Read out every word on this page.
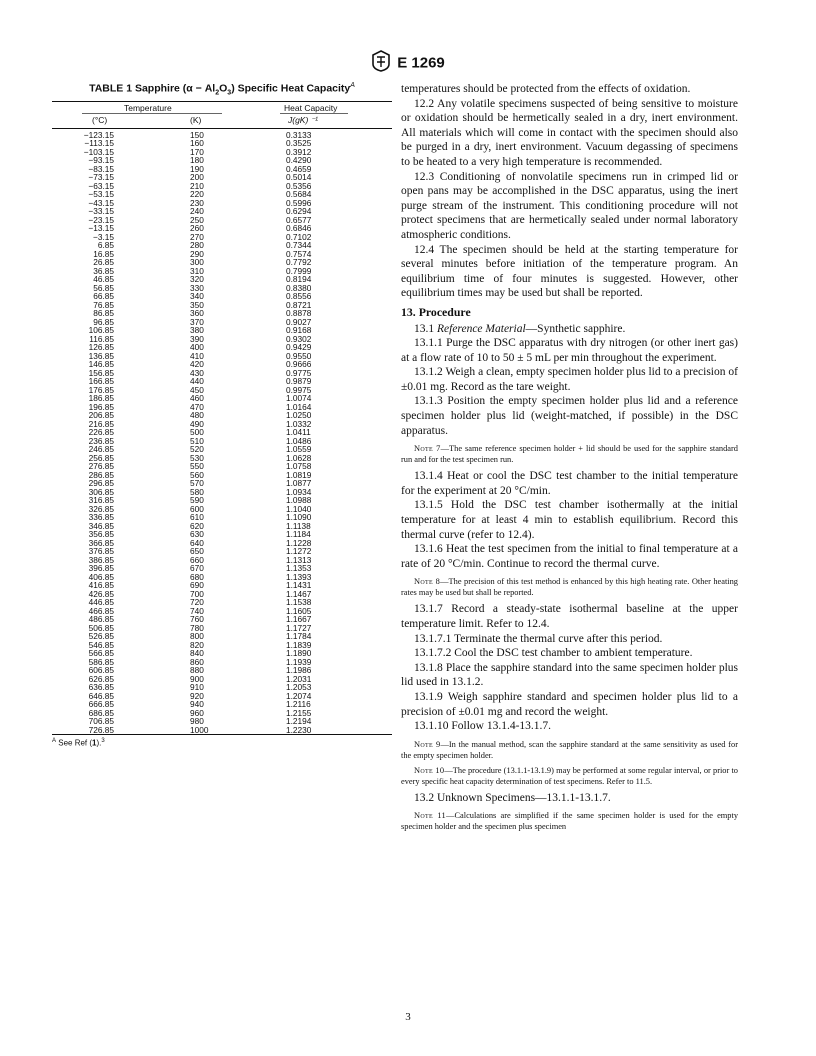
E 1269
TABLE 1 Sapphire $(\alpha - Al_2O_3)$ Specific Heat Capacity$^A$
Temperature
(°C)	(K)
Heat Capacity
J(gK) ⁻¹
−123.15	150	0.3133
−113.15	160	0.3525
−103.15	170	0.3912
−93.15	180	0.4290
−83.15	190	0.4659
−73.15	200	0.5014
−63.15	210	0.5356
−53.15	220	0.5684
−43.15	230	0.5996
−33.15	240	0.6294
−23.15	250	0.6577
−13.15	260	0.6846
−3.15	270	0.7102
6.85	280	0.7344
16.85	290	0.7574
26.85	300	0.7792
36.85	310	0.7999
46.85	320	0.8194
56.85	330	0.8380
66.85	340	0.8556
76.85	350	0.8721
86.85	360	0.8878
96.85	370	0.9027
106.85	380	0.9168
116.85	390	0.9302
126.85	400	0.9429
136.85	410	0.9550
146.85	420	0.9666
156.85	430	0.9775
166.85	440	0.9879
176.85	450	0.9975
186.85	460	1.0074
196.85	470	1.0164
206.85	480	1.0250
216.85	490	1.0332
226.85	500	1.0411
236.85	510	1.0486
246.85	520	1.0559
256.85	530	1.0628
276.85	550	1.0758
286.85	560	1.0819
296.85	570	1.0877
306.85	580	1.0934
316.85	590	1.0988
326.85	600	1.1040
336.85	610	1.1090
346.85	620	1.1138
356.85	630	1.1184
366.85	640	1.1228
376.85	650	1.1272
386.85	660	1.1313
396.85	670	1.1353
406.85	680	1.1393
416.85	690	1.1431
426.85	700	1.1467
446.85	720	1.1538
466.85	740	1.1605
486.85	760	1.1667
506.85	780	1.1727
526.85	800	1.1784
546.85	820	1.1839
566.85	840	1.1890
586.85	860	1.1939
606.85	880	1.1986
626.85	900	1.2031
636.85	910	1.2053
646.85	920	1.2074
666.85	940	1.2116
686.85	960	1.2155
706.85	980	1.2194
726.85	1000	1.2230
$^A$ See Ref (1).$^3$

temperatures should be protected from the effects of oxidation.

12.2 Any volatile specimens suspected of being sensitive to moisture or oxidation should be hermetically sealed in a dry, inert environment. All materials which will come in contact with the specimen should also be purged in a dry, inert environment. Vacuum degassing of specimens to be heated to a very high temperature is recommended.

12.3 Conditioning of nonvolatile specimens run in crimped lid or open pans may be accomplished in the DSC apparatus, using the inert purge stream of the instrument. This conditioning procedure will not protect specimens that are hermetically sealed under normal laboratory atmospheric conditions.

12.4 The specimen should be held at the starting temperature for several minutes before initiation of the temperature program. An equilibrium time of four minutes is suggested. However, other equilibrium times may be used but shall be reported.

13. Procedure

13.1 Reference Material—Synthetic sapphire.

13.1.1 Purge the DSC apparatus with dry nitrogen (or other inert gas) at a flow rate of 10 to 50 ± 5 mL per min throughout the experiment.

13.1.2 Weigh a clean, empty specimen holder plus lid to a precision of ±0.01 mg. Record as the tare weight.

13.1.3 Position the empty specimen holder plus lid and a reference specimen holder plus lid (weight-matched, if possible) in the DSC apparatus.

Note 7—The same reference specimen holder + lid should be used for the sapphire standard run and for the test specimen run.

13.1.4 Heat or cool the DSC test chamber to the initial temperature for the experiment at 20 °C/min.

13.1.5 Hold the DSC test chamber isothermally at the initial temperature for at least 4 min to establish equilibrium. Record this thermal curve (refer to 12.4).

13.1.6 Heat the test specimen from the initial to final temperature at a rate of 20 °C/min. Continue to record the thermal curve.

Note 8—The precision of this test method is enhanced by this high heating rate. Other heating rates may be used but shall be reported.

13.1.7 Record a steady-state isothermal baseline at the upper temperature limit. Refer to 12.4.

13.1.7.1 Terminate the thermal curve after this period.

13.1.7.2 Cool the DSC test chamber to ambient temperature.

13.1.8 Place the sapphire standard into the same specimen holder plus lid used in 13.1.2.

13.1.9 Weigh sapphire standard and specimen holder plus lid to a precision of ±0.01 mg and record the weight.

13.1.10 Follow 13.1.4-13.1.7.

Note 9—In the manual method, scan the sapphire standard at the same sensitivity as used for the empty specimen holder.

Note 10—The procedure (13.1.1-13.1.9) may be performed at some regular interval, or prior to every specific heat capacity determination of test specimens. Refer to 11.5.

13.2 Unknown Specimens—13.1.1-13.1.7.

Note 11—Calculations are simplified if the same specimen holder is used for the empty specimen holder and the specimen plus specimen

3
